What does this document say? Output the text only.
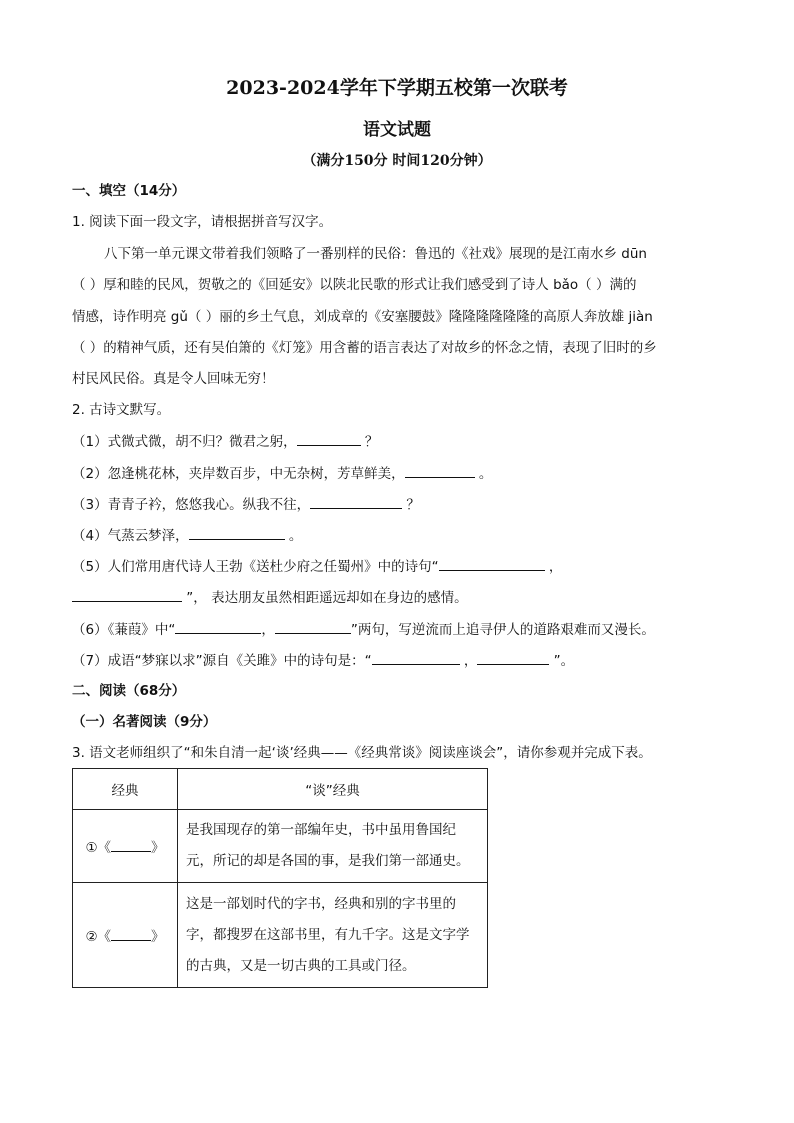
2023-2024学年下学期五校第一次联考
语文试题
（满分150分 时间120分钟）
一、填空（14分）
1. 阅读下面一段文字，请根据拼音写汉字。
八下第一单元课文带着我们领略了一番别样的民俗：鲁迅的《社戏》展现的是江南水乡 dūn
（ ）厚和睦的民风，贺敬之的《回延安》以陕北民歌的形式让我们感受到了诗人 bǎo（ ）满的
情感，诗作明亮 gǔ（ ）丽的乡土气息，刘成章的《安塞腰鼓》隆隆隆隆隆隆的高原人奔放雄 jiàn
（ ）的精神气质，还有吴伯箫的《灯笼》用含蓄的语言表达了对故乡的怀念之情，表现了旧时的乡
村民风民俗。真是令人回味无穷！
2. 古诗文默写。
（1）式微式微，胡不归？微君之躬，	？
（2）忽逢桃花林，夹岸数百步，中无杂树，芳草鲜美，	。
（3）青青子衿，悠悠我心。纵我不往，	？
（4）气蒸云梦泽，	。
（5）人们常用唐代诗人王勃《送杜少府之任蜀州》中的诗句“	，
”， 表达朋友虽然相距遥远却如在身边的感情。
（6）《蒹葭》中“	，	”两句，写逆流而上追寻伊人的道路艰难而又漫长。
（7）成语“梦寐以求”源自《关雎》中的诗句是：“	，	”。
二、阅读（68分）
（一）名著阅读（9分）
3. 语文老师组织了“和朱自清一起‘谈’经典——《经典常谈》阅读座谈会”，请你参观并完成下表。
经典	“谈”经典
①《 》	是我国现存的第一部编年史，书中虽用鲁国纪
元，所记的却是各国的事，是我们第一部通史。

②《 》	这是一部划时代的字书，经典和别的字书里的
字，都搜罗在这部书里，有九千字。这是文字学
的古典，又是一切古典的工具或门径。
